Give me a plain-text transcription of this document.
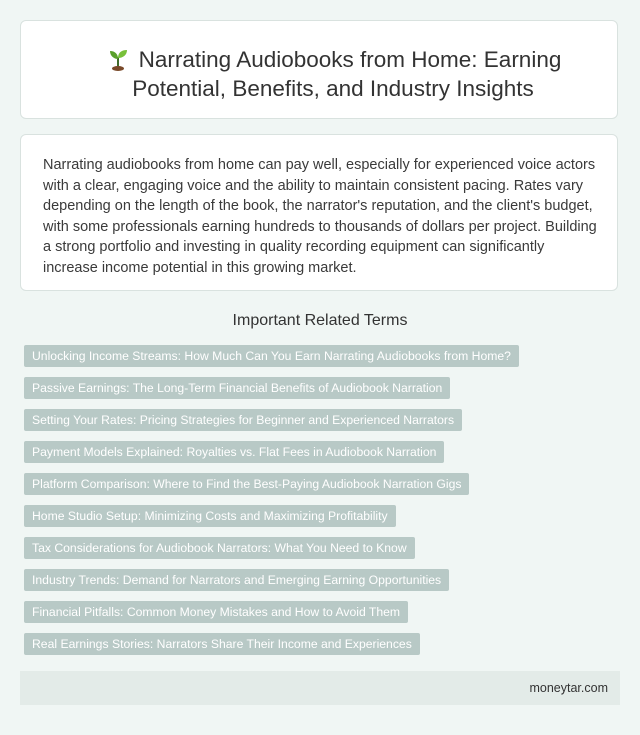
Narrating Audiobooks from Home: Earning Potential, Benefits, and Industry Insights

Narrating audiobooks from home can pay well, especially for experienced voice actors with a clear, engaging voice and the ability to maintain consistent pacing. Rates vary depending on the length of the book, the narrator's reputation, and the client's budget, with some professionals earning hundreds to thousands of dollars per project. Building a strong portfolio and investing in quality recording equipment can significantly increase income potential in this growing market.

Important Related Terms
Unlocking Income Streams: How Much Can You Earn Narrating Audiobooks from Home?
Passive Earnings: The Long-Term Financial Benefits of Audiobook Narration
Setting Your Rates: Pricing Strategies for Beginner and Experienced Narrators
Payment Models Explained: Royalties vs. Flat Fees in Audiobook Narration
Platform Comparison: Where to Find the Best-Paying Audiobook Narration Gigs
Home Studio Setup: Minimizing Costs and Maximizing Profitability
Tax Considerations for Audiobook Narrators: What You Need to Know
Industry Trends: Demand for Narrators and Emerging Earning Opportunities
Financial Pitfalls: Common Money Mistakes and How to Avoid Them
Real Earnings Stories: Narrators Share Their Income and Experiences
moneytar.com
